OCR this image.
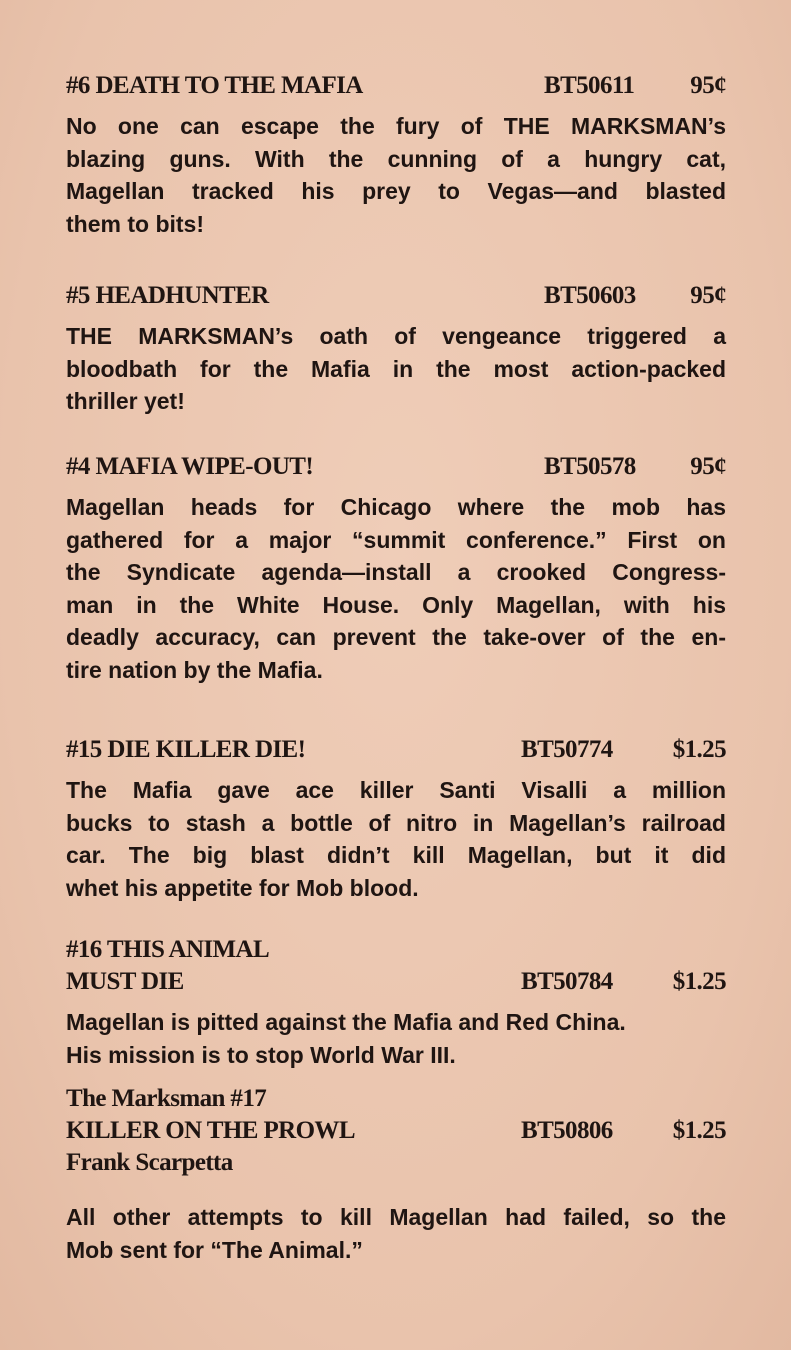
#6 DEATH TO THE MAFIA	BT50611 95¢
No one can escape the fury of THE MARKSMAN’s
blazing guns. With the cunning of a hungry cat,
Magellan tracked his prey to Vegas—and blasted
them to bits!
#5 HEADHUNTER	BT50603 95¢
THE MARKSMAN’s oath of vengeance triggered a
bloodbath for the Mafia in the most action-packed
thriller yet!
#4 MAFIA WIPE-OUT!	BT50578 95¢
Magellan heads for Chicago where the mob has
gathered for a major “summit conference.” First on
the Syndicate agenda—install a crooked Congress-
man in the White House. Only Magellan, with his
deadly accuracy, can prevent the take-over of the en-
tire nation by the Mafia.
#15 DIE KILLER DIE!	BT50774 $1.25
The Mafia gave ace killer Santi Visalli a million
bucks to stash a bottle of nitro in Magellan’s railroad
car. The big blast didn’t kill Magellan, but it did
whet his appetite for Mob blood.
#16 THIS ANIMAL
MUST DIE	BT50784 $1.25
Magellan is pitted against the Mafia and Red China.
His mission is to stop World War III.
The Marksman #17
KILLER ON THE PROWL	BT50806 $1.25
Frank Scarpetta
All other attempts to kill Magellan had failed, so the
Mob sent for “The Animal.”
